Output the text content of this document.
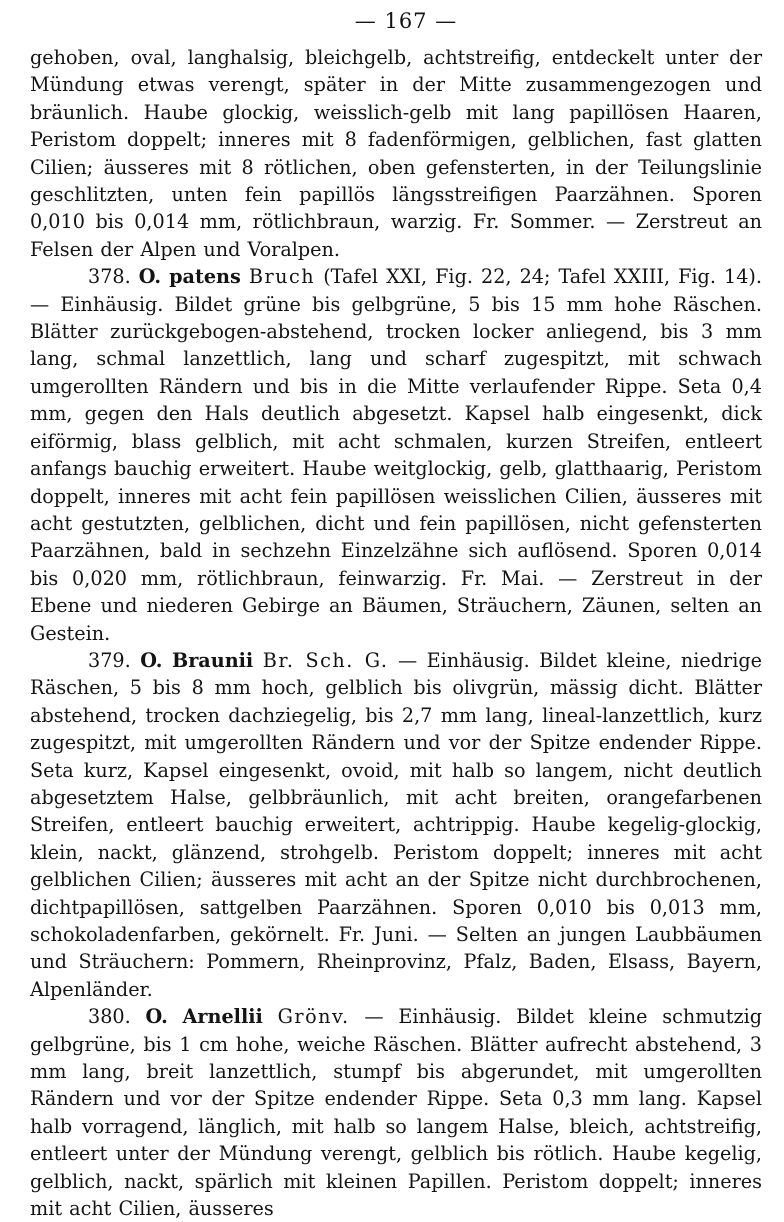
— 167 —

gehoben, oval, langhalsig, bleichgelb, achtstreifig, entdeckelt unter der Mündung etwas verengt, später in der Mitte zusammengezogen und bräunlich. Haube glockig, weisslich-gelb mit lang papillösen Haaren, Peristom doppelt; inneres mit 8 fadenförmigen, gelblichen, fast glatten Cilien; äusseres mit 8 rötlichen, oben gefensterten, in der Teilungslinie geschlitzten, unten fein papillös längsstreifigen Paarzähnen. Sporen 0,010 bis 0,014 mm, rötlichbraun, warzig. Fr. Sommer. — Zerstreut an Felsen der Alpen und Voralpen.

378. O. patens Bruch (Tafel XXI, Fig. 22, 24; Tafel XXIII, Fig. 14). — Einhäusig. Bildet grüne bis gelbgrüne, 5 bis 15 mm hohe Räschen. Blätter zurückgebogen-abstehend, trocken locker anliegend, bis 3 mm lang, schmal lanzettlich, lang und scharf zugespitzt, mit schwach umgerollten Rändern und bis in die Mitte verlaufender Rippe. Seta 0,4 mm, gegen den Hals deutlich abgesetzt. Kapsel halb eingesenkt, dick eiförmig, blass gelblich, mit acht schmalen, kurzen Streifen, entleert anfangs bauchig erweitert. Haube weitglockig, gelb, glatthaarig, Peristom doppelt, inneres mit acht fein papillösen weisslichen Cilien, äusseres mit acht gestutzten, gelblichen, dicht und fein papillösen, nicht gefensterten Paarzähnen, bald in sechzehn Einzelzähne sich auflösend. Sporen 0,014 bis 0,020 mm, rötlichbraun, feinwarzig. Fr. Mai. — Zerstreut in der Ebene und niederen Gebirge an Bäumen, Sträuchern, Zäunen, selten an Gestein.

379. O. Braunii Br. Sch. G. — Einhäusig. Bildet kleine, niedrige Räschen, 5 bis 8 mm hoch, gelblich bis olivgrün, mässig dicht. Blätter abstehend, trocken dachziegelig, bis 2,7 mm lang, lineal-lanzettlich, kurz zugespitzt, mit umgerollten Rändern und vor der Spitze endender Rippe. Seta kurz, Kapsel eingesenkt, ovoid, mit halb so langem, nicht deutlich abgesetztem Halse, gelbbräunlich, mit acht breiten, orangefarbenen Streifen, entleert bauchig erweitert, achtrippig. Haube kegelig-glockig, klein, nackt, glänzend, strohgelb. Peristom doppelt; inneres mit acht gelblichen Cilien; äusseres mit acht an der Spitze nicht durchbrochenen, dichtpapillösen, sattgelben Paarzähnen. Sporen 0,010 bis 0,013 mm, schokoladenfarben, gekörnelt. Fr. Juni. — Selten an jungen Laubbäumen und Sträuchern: Pommern, Rheinprovinz, Pfalz, Baden, Elsass, Bayern, Alpenländer.

380. O. Arnellii Grönv. — Einhäusig. Bildet kleine schmutzig gelbgrüne, bis 1 cm hohe, weiche Räschen. Blätter aufrecht abstehend, 3 mm lang, breit lanzettlich, stumpf bis abgerundet, mit umgerollten Rändern und vor der Spitze endender Rippe. Seta 0,3 mm lang. Kapsel halb vorragend, länglich, mit halb so langem Halse, bleich, achtstreifig, entleert unter der Mündung verengt, gelblich bis rötlich. Haube kegelig, gelblich, nackt, spärlich mit kleinen Papillen. Peristom doppelt; inneres mit acht Cilien, äusseres
